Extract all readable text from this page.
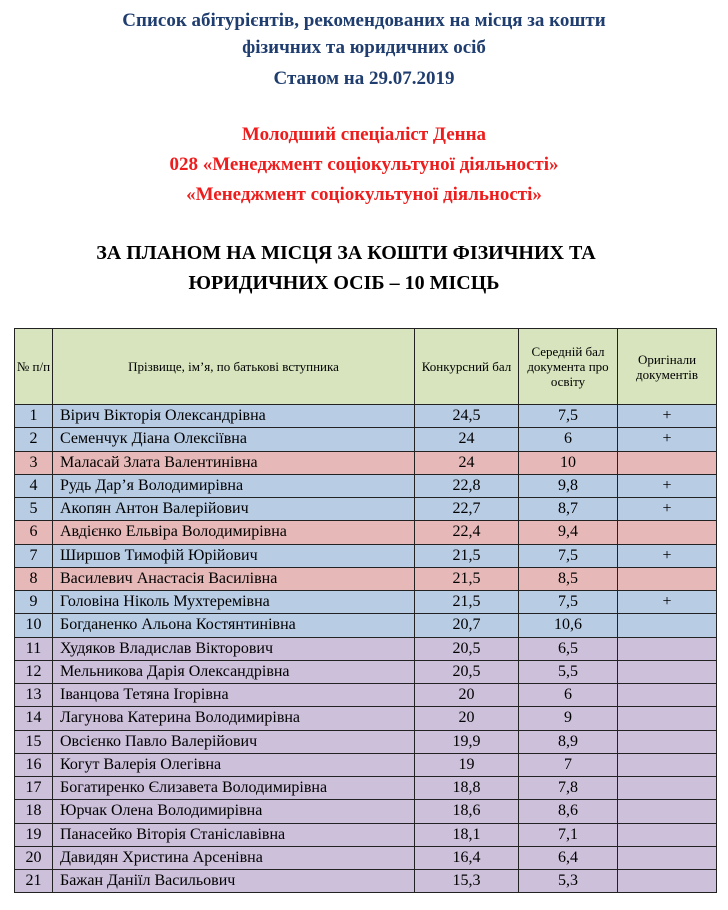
Список абітурієнтів, рекомендованих на місця за кошти
фізичних та юридичних осіб
Станом на 29.07.2019
Молодший спеціаліст Денна
028 «Менеджмент соціокультуної діяльності»
«Менеджмент соціокультуної діяльності»
ЗА ПЛАНОМ НА МІСЦЯ ЗА КОШТИ ФІЗИЧНИХ ТА
ЮРИДИЧНИХ ОСІБ – 10 МІСЦЬ
№ п/п	Прізвище, ім’я, по батькові вступника	Конкурсний бал	Середній бал документа про освіту	Оригінали документів
1	Вірич Вікторія Олександрівна	24,5	7,5	+
2	Семенчук Діана Олексіївна	24	6	+
3	Маласай Злата Валентинівна	24	10	
4	Рудь Дар’я Володимирівна	22,8	9,8	+
5	Акопян Антон Валерійович	22,7	8,7	+
6	Авдієнко Ельвіра Володимирівна	22,4	9,4	
7	Ширшов Тимофій Юрійович	21,5	7,5	+
8	Василевич Анастасія Василівна	21,5	8,5	
9	Головіна Ніколь Мухтеремівна	21,5	7,5	+
10	Богданенко Альона Костянтинівна	20,7	10,6	
11	Худяков Владислав Вікторович	20,5	6,5	
12	Мельникова Дарія Олександрівна	20,5	5,5	
13	Іванцова Тетяна Ігорівна	20	6	
14	Лагунова Катерина Володимирівна	20	9	
15	Овсієнко Павло Валерійович	19,9	8,9	
16	Когут Валерія Олегівна	19	7	
17	Богатиренко Єлизавета Володимирівна	18,8	7,8	
18	Юрчак Олена Володимирівна	18,6	8,6	
19	Панасейко Віторія Станіславівна	18,1	7,1	
20	Давидян Христина Арсенівна	16,4	6,4	
21	Бажан Даніїл Васильович	15,3	5,3	
